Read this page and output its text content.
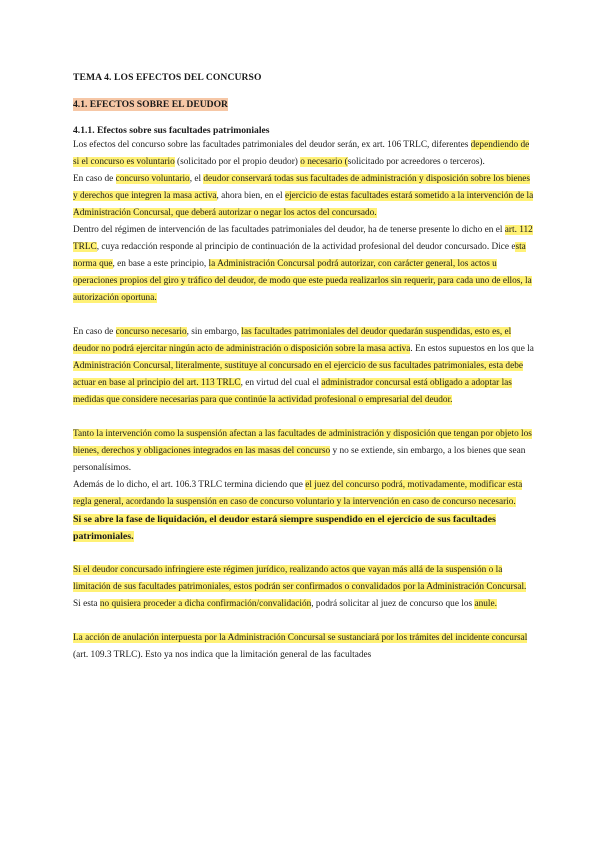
TEMA 4. LOS EFECTOS DEL CONCURSO
4.1. EFECTOS SOBRE EL DEUDOR
4.1.1. Efectos sobre sus facultades patrimoniales

Los efectos del concurso sobre las facultades patrimoniales del deudor serán, ex art. 106 TRLC, diferentes dependiendo de si el concurso es voluntario (solicitado por el propio deudor) o necesario (solicitado por acreedores o terceros).

En caso de concurso voluntario, el deudor conservará todas sus facultades de administración y disposición sobre los bienes y derechos que integren la masa activa, ahora bien, en el ejercicio de estas facultades estará sometido a la intervención de la Administración Concursal, que deberá autorizar o negar los actos del concursado.

Dentro del régimen de intervención de las facultades patrimoniales del deudor, ha de tenerse presente lo dicho en el art. 112 TRLC, cuya redacción responde al principio de continuación de la actividad profesional del deudor concursado. Dice esta norma que, en base a este principio, la Administración Concursal podrá autorizar, con carácter general, los actos u operaciones propios del giro y tráfico del deudor, de modo que este pueda realizarlos sin requerir, para cada uno de ellos, la autorización oportuna.

En caso de concurso necesario, sin embargo, las facultades patrimoniales del deudor quedarán suspendidas, esto es, el deudor no podrá ejercitar ningún acto de administración o disposición sobre la masa activa. En estos supuestos en los que la Administración Concursal, literalmente, sustituye al concursado en el ejercicio de sus facultades patrimoniales, esta debe actuar en base al principio del art. 113 TRLC, en virtud del cual el administrador concursal está obligado a adoptar las medidas que considere necesarias para que continúe la actividad profesional o empresarial del deudor.

Tanto la intervención como la suspensión afectan a las facultades de administración y disposición que tengan por objeto los bienes, derechos y obligaciones integrados en las masas del concurso y no se extiende, sin embargo, a los bienes que sean personalísimos.

Además de lo dicho, el art. 106.3 TRLC termina diciendo que el juez del concurso podrá, motivadamente, modificar esta regla general, acordando la suspensión en caso de concurso voluntario y la intervención en caso de concurso necesario.

Si se abre la fase de liquidación, el deudor estará siempre suspendido en el ejercicio de sus facultades patrimoniales.

Si el deudor concursado infringiere este régimen jurídico, realizando actos que vayan más allá de la suspensión o la limitación de sus facultades patrimoniales, estos podrán ser confirmados o convalidados por la Administración Concursal.

Si esta no quisiera proceder a dicha confirmación/convalidación, podrá solicitar al juez de concurso que los anule.

La acción de anulación interpuesta por la Administración Concursal se sustanciará por los trámites del incidente concursal (art. 109.3 TRLC). Esto ya nos indica que la limitación general de las facultades
